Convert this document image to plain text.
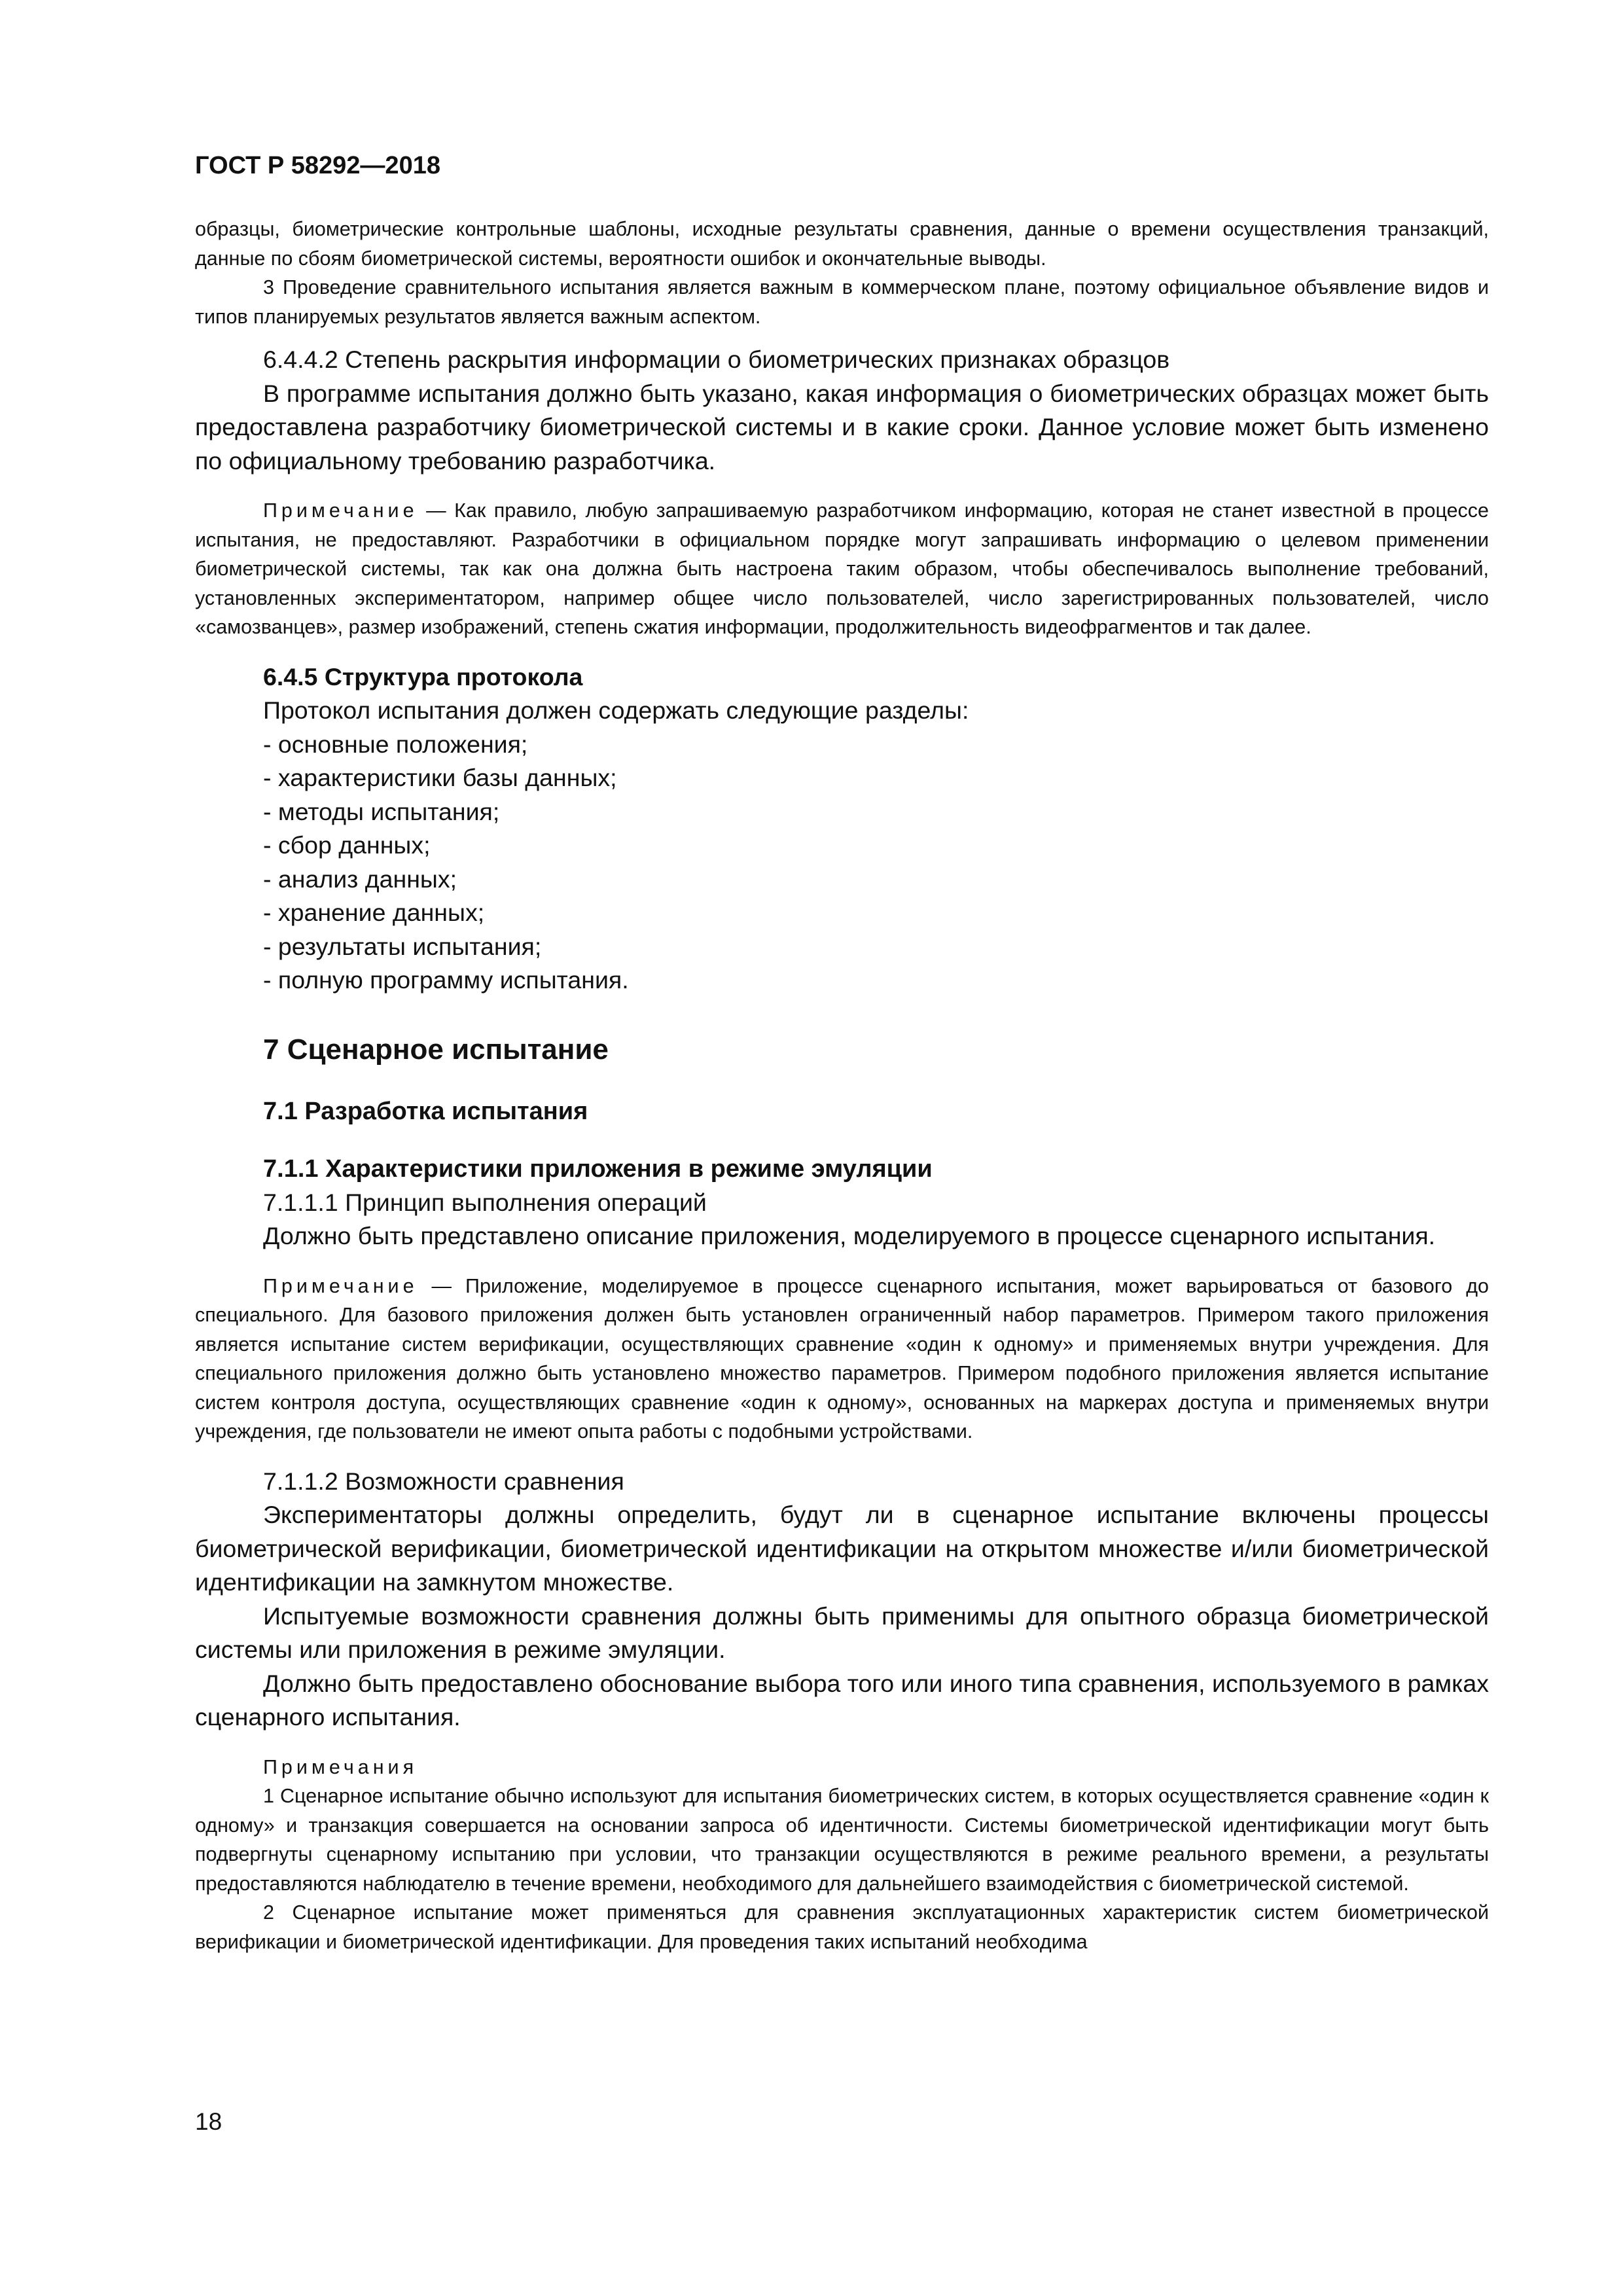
ГОСТ Р 58292—2018

образцы, биометрические контрольные шаблоны, исходные результаты сравнения, данные о времени осуществления транзакций, данные по сбоям биометрической системы, вероятности ошибок и окончательные выводы.

3 Проведение сравнительного испытания является важным в коммерческом плане, поэтому официальное объявление видов и типов планируемых результатов является важным аспектом.

6.4.4.2 Степень раскрытия информации о биометрических признаках образцов

В программе испытания должно быть указано, какая информация о биометрических образцах может быть предоставлена разработчику биометрической системы и в какие сроки. Данное условие может быть изменено по официальному требованию разработчика.

Примечание — Как правило, любую запрашиваемую разработчиком информацию, которая не станет известной в процессе испытания, не предоставляют. Разработчики в официальном порядке могут запрашивать информацию о целевом применении биометрической системы, так как она должна быть настроена таким образом, чтобы обеспечивалось выполнение требований, установленных экспериментатором, например общее число пользователей, число зарегистрированных пользователей, число «самозванцев», размер изображений, степень сжатия информации, продолжительность видеофрагментов и так далее.

6.4.5 Структура протокола

Протокол испытания должен содержать следующие разделы:

- основные положения;
- характеристики базы данных;
- методы испытания;
- сбор данных;
- анализ данных;
- хранение данных;
- результаты испытания;
- полную программу испытания.
7 Сценарное испытание
7.1 Разработка испытания
7.1.1 Характеристики приложения в режиме эмуляции

7.1.1.1 Принцип выполнения операций

Должно быть представлено описание приложения, моделируемого в процессе сценарного испытания.

Примечание — Приложение, моделируемое в процессе сценарного испытания, может варьироваться от базового до специального. Для базового приложения должен быть установлен ограниченный набор параметров. Примером такого приложения является испытание систем верификации, осуществляющих сравнение «один к одному» и применяемых внутри учреждения. Для специального приложения должно быть установлено множество параметров. Примером подобного приложения является испытание систем контроля доступа, осуществляющих сравнение «один к одному», основанных на маркерах доступа и применяемых внутри учреждения, где пользователи не имеют опыта работы с подобными устройствами.

7.1.1.2 Возможности сравнения

Экспериментаторы должны определить, будут ли в сценарное испытание включены процессы биометрической верификации, биометрической идентификации на открытом множестве и/или биометрической идентификации на замкнутом множестве.

Испытуемые возможности сравнения должны быть применимы для опытного образца биометрической системы или приложения в режиме эмуляции.

Должно быть предоставлено обоснование выбора того или иного типа сравнения, используемого в рамках сценарного испытания.

Примечания

1 Сценарное испытание обычно используют для испытания биометрических систем, в которых осуществляется сравнение «один к одному» и транзакция совершается на основании запроса об идентичности. Системы биометрической идентификации могут быть подвергнуты сценарному испытанию при условии, что транзакции осуществляются в режиме реального времени, а результаты предоставляются наблюдателю в течение времени, необходимого для дальнейшего взаимодействия с биометрической системой.

2 Сценарное испытание может применяться для сравнения эксплуатационных характеристик систем биометрической верификации и биометрической идентификации. Для проведения таких испытаний необходима

18
